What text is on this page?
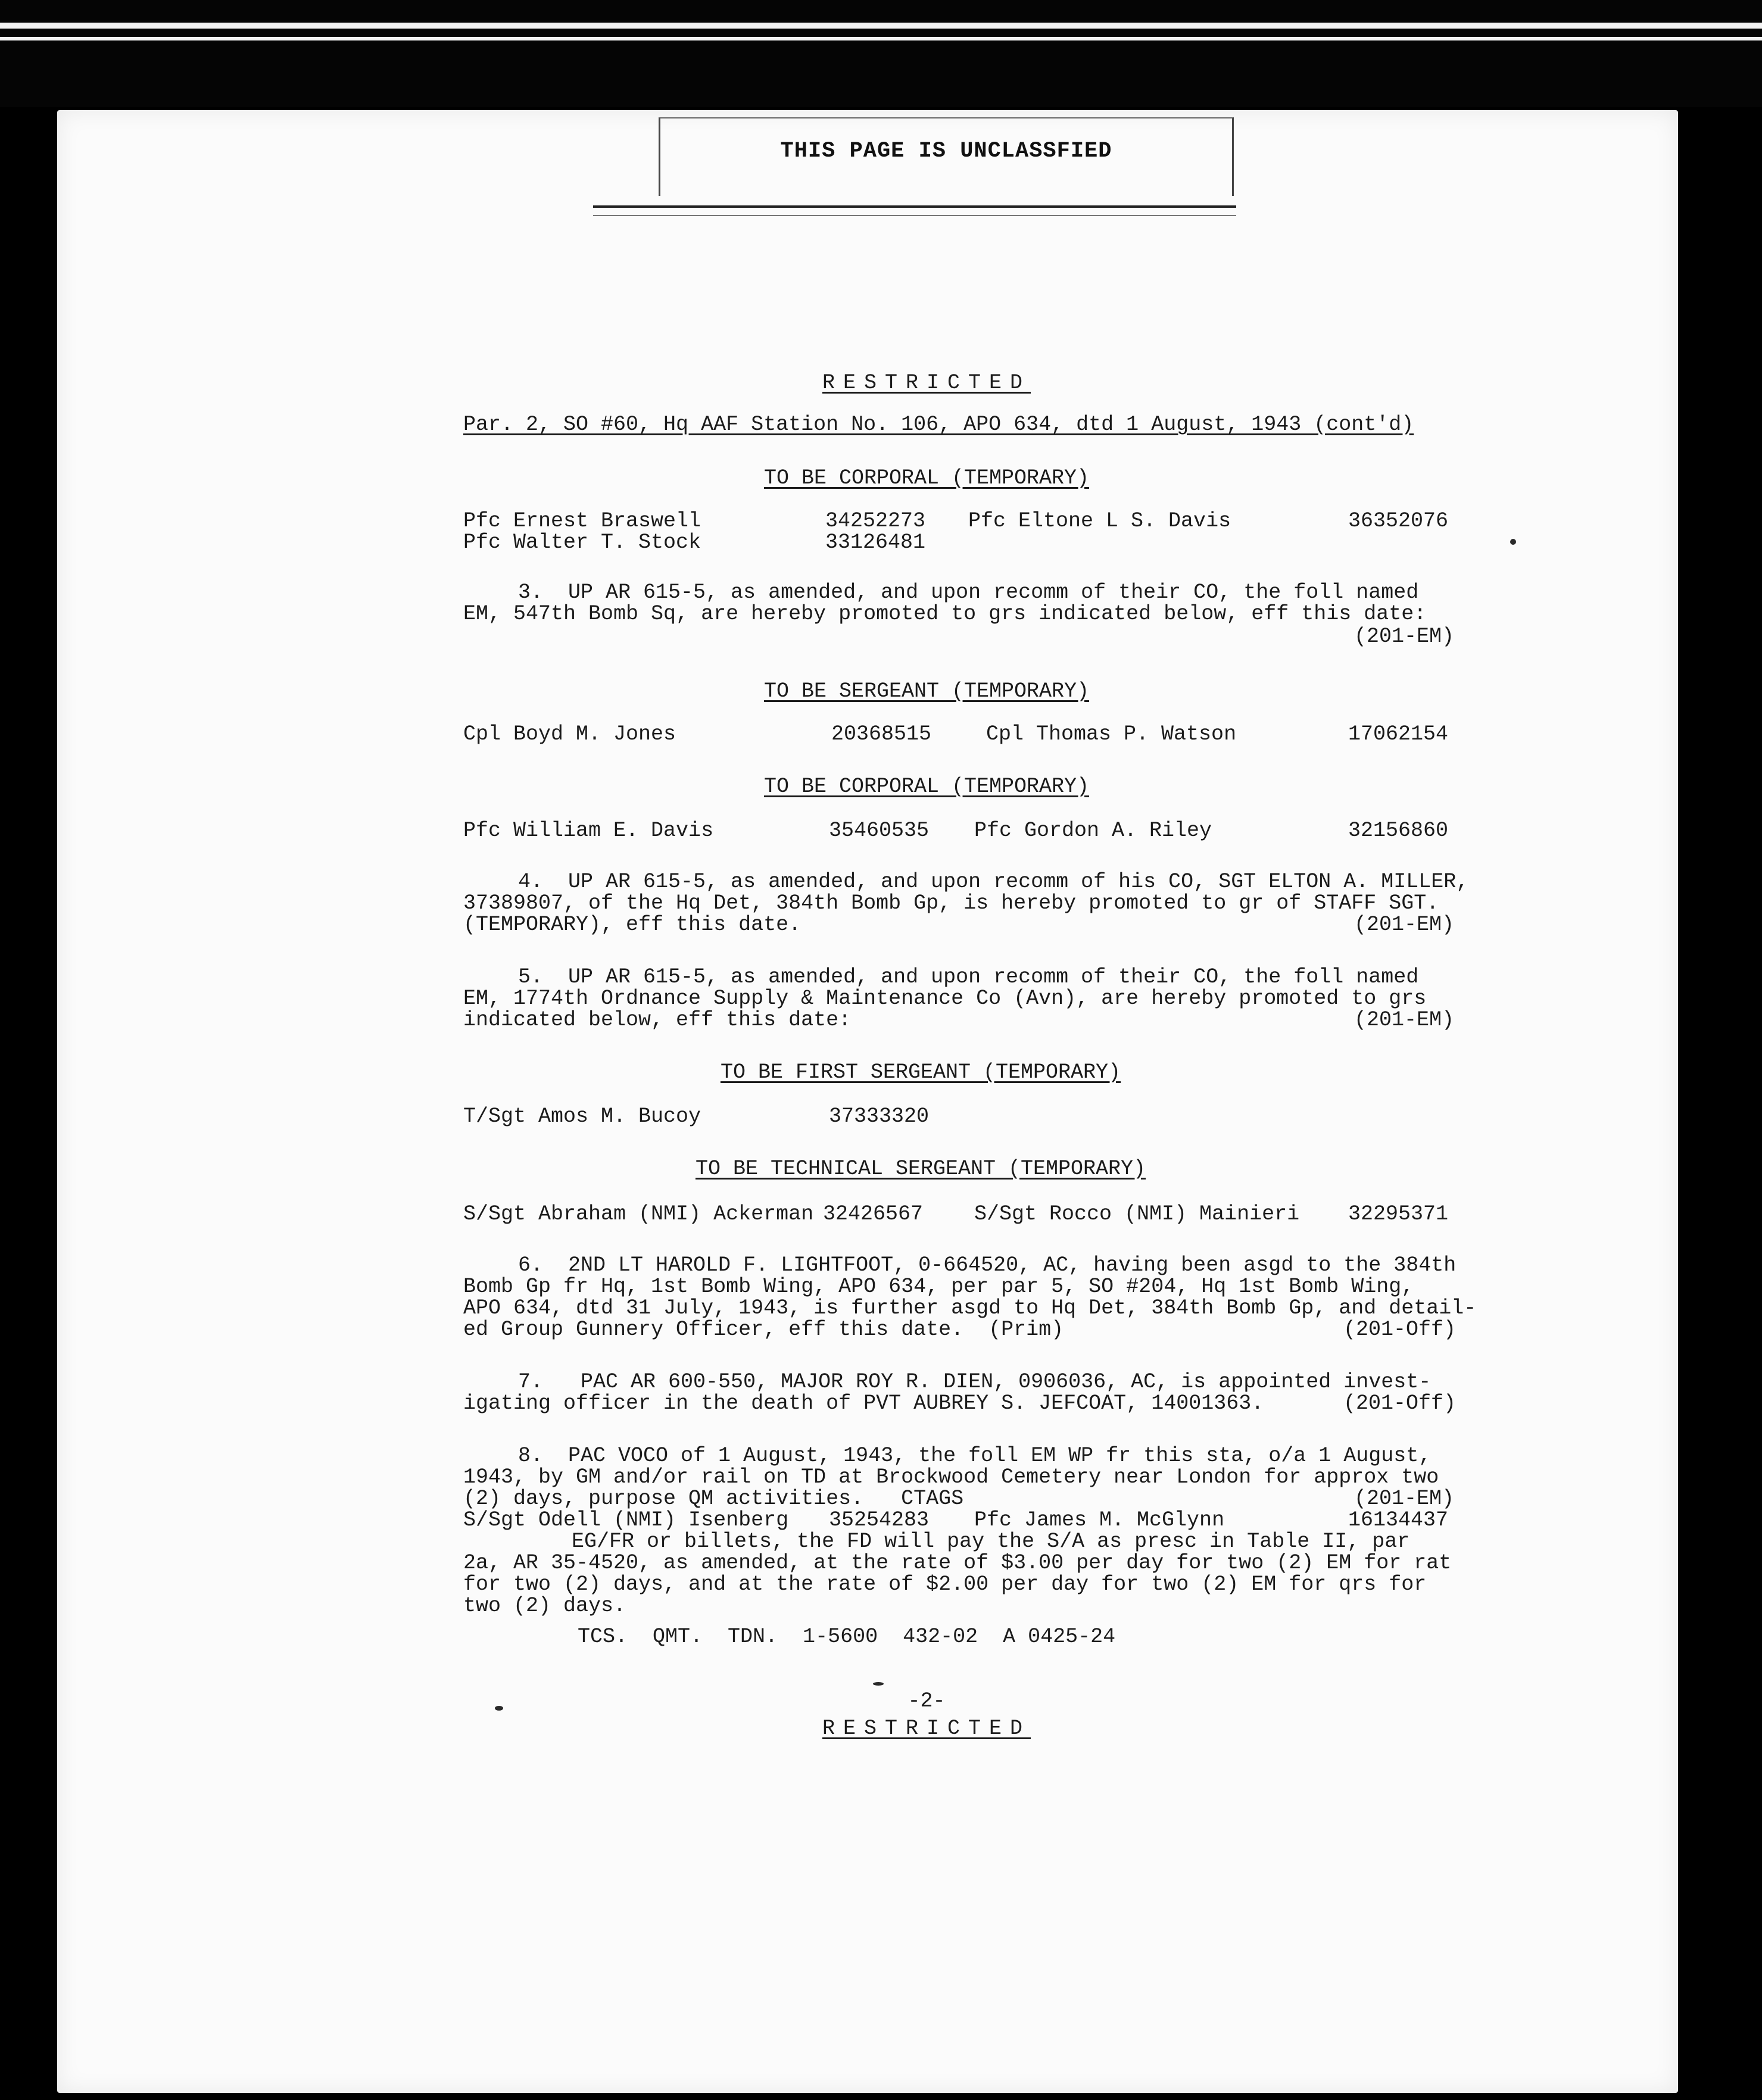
THIS PAGE IS UNCLASSFIED
RESTRICTED
Par. 2, SO #60, Hq AAF Station No. 106, APO 634, dtd 1 August, 1943 (cont'd)
TO BE CORPORAL (TEMPORARY)
Pfc Ernest Braswell	34252273 Pfc Eltone L S. Davis	36352076
Pfc Walter T. Stock	33126481
3.  UP AR 615-5, as amended, and upon recomm of their CO, the foll named
EM, 547th Bomb Sq, are hereby promoted to grs indicated below, eff this date:
(201-EM)
TO BE SERGEANT (TEMPORARY)
Cpl Boyd M. Jones	20368515	Cpl Thomas P. Watson	17062154
TO BE CORPORAL (TEMPORARY)
Pfc William E. Davis	35460535 Pfc Gordon A. Riley	32156860
4.  UP AR 615-5, as amended, and upon recomm of his CO, SGT ELTON A. MILLER,
37389807, of the Hq Det, 384th Bomb Gp, is hereby promoted to gr of STAFF SGT.
(TEMPORARY), eff this date.	(201-EM)
5.  UP AR 615-5, as amended, and upon recomm of their CO, the foll named
EM, 1774th Ordnance Supply & Maintenance Co (Avn), are hereby promoted to grs
indicated below, eff this date:	(201-EM)
TO BE FIRST SERGEANT (TEMPORARY)
T/Sgt Amos M. Bucoy	37333320
TO BE TECHNICAL SERGEANT (TEMPORARY)
S/Sgt Abraham (NMI) Ackerman 32426567 S/Sgt Rocco (NMI) Mainieri 32295371
6.  2ND LT HAROLD F. LIGHTFOOT, 0-664520, AC, having been asgd to the 384th
Bomb Gp fr Hq, 1st Bomb Wing, APO 634, per par 5, SO #204, Hq 1st Bomb Wing,
APO 634, dtd 31 July, 1943, is further asgd to Hq Det, 384th Bomb Gp, and detail-
ed Group Gunnery Officer, eff this date.  (Prim)	(201-Off)
7.   PAC AR 600-550, MAJOR ROY R. DIEN, 0906036, AC, is appointed invest-
igating officer in the death of PVT AUBREY S. JEFCOAT, 14001363.	(201-Off)
8.  PAC VOCO of 1 August, 1943, the foll EM WP fr this sta, o/a 1 August,
1943, by GM and/or rail on TD at Brockwood Cemetery near London for approx two
(2) days, purpose QM activities.   CTAGS	(201-EM)
S/Sgt Odell (NMI) Isenberg 35254283 Pfc James M. McGlynn	16134437
EG/FR or billets, the FD will pay the S/A as presc in Table II, par
2a, AR 35-4520, as amended, at the rate of $3.00 per day for two (2) EM for rat
for two (2) days, and at the rate of $2.00 per day for two (2) EM for qrs for
two (2) days.
TCS.  QMT.  TDN.  1-5600  432-02  A 0425-24
-2-
RESTRICTED
